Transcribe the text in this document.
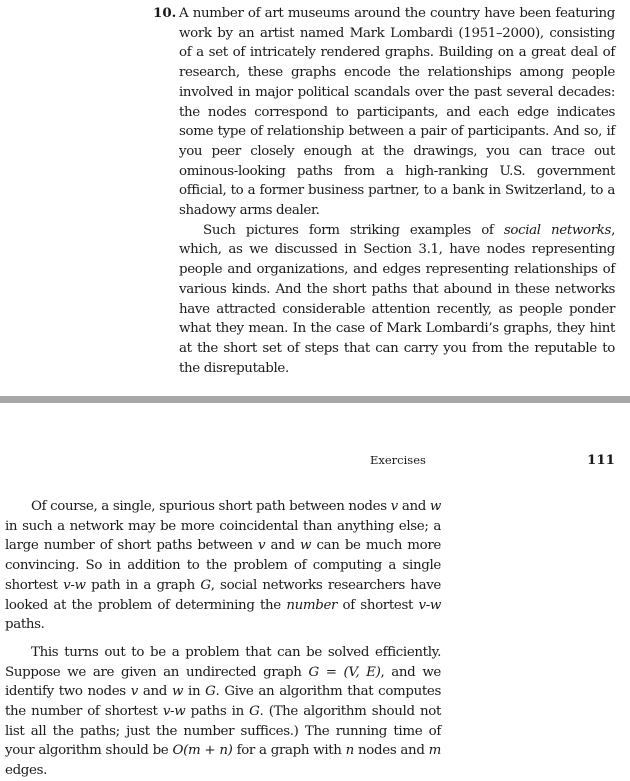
10. A number of art museums around the country have been featuring work by an artist named Mark Lombardi (1951–2000), consisting of a set of intricately rendered graphs. Building on a great deal of research, these graphs encode the relationships among people involved in major political scandals over the past several decades: the nodes correspond to participants, and each edge indicates some type of relationship between a pair of participants. And so, if you peer closely enough at the drawings, you can trace out ominous-looking paths from a high-ranking U.S. government official, to a former business partner, to a bank in Switzerland, to a shadowy arms dealer.

Such pictures form striking examples of social networks, which, as we discussed in Section 3.1, have nodes representing people and organizations, and edges representing relationships of various kinds. And the short paths that abound in these networks have attracted considerable attention recently, as people ponder what they mean. In the case of Mark Lombardi’s graphs, they hint at the short set of steps that can carry you from the reputable to the disreputable.

Exercises	111

Of course, a single, spurious short path between nodes v and w in such a network may be more coincidental than anything else; a large number of short paths between v and w can be much more convincing. So in addition to the problem of computing a single shortest v-w path in a graph G, social networks researchers have looked at the problem of determining the number of shortest v-w paths.

This turns out to be a problem that can be solved efficiently. Suppose we are given an undirected graph G = (V, E), and we identify two nodes v and w in G. Give an algorithm that computes the number of shortest v-w paths in G. (The algorithm should not list all the paths; just the number suffices.) The running time of your algorithm should be O(m + n) for a graph with n nodes and m edges.
